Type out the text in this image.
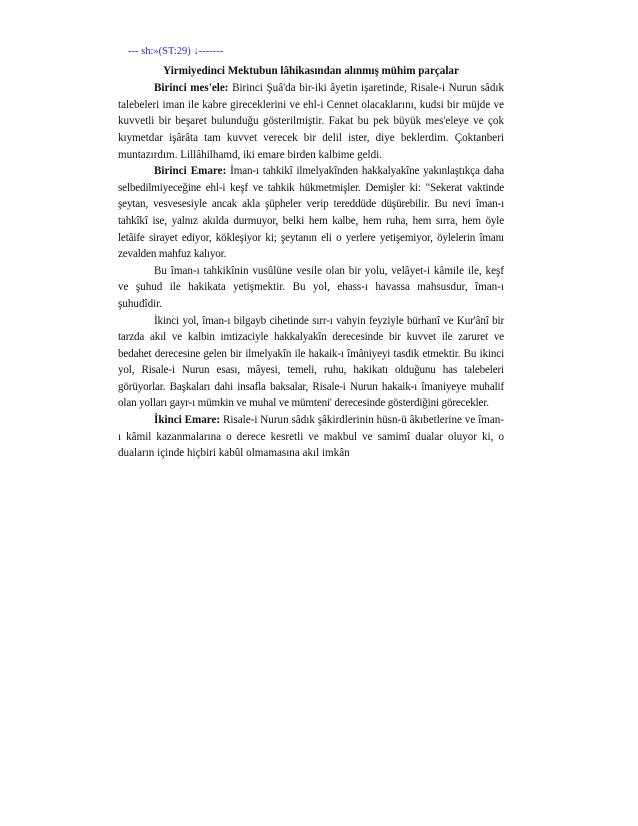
--- sh:»(ST:29) ↓-------
Yirmiyedinci Mektubun lâhikasından alınmış mühim parçalar

Birinci mes'ele: Birinci Şuâ'da bir-iki âyetin işaretinde, Risale-i Nurun sâdık talebeleri iman ile kabre gireceklerini ve ehl-i Cennet olacaklarını, kudsi bir müjde ve kuvvetli bir beşaret bulunduğu gösterilmiştir. Fakat bu pek büyük mes'eleye ve çok kıymetdar işârâta tam kuvvet verecek bir delil ister, diye beklerdim. Çoktanberi muntazırdım. Lillâhilhamd, iki emare birden kalbime geldi.

Birinci Emare: İman-ı tahkikî ilmelyakînden hakkalyakîne yakınlaştıkça daha selbedilmiyeceğine ehl-i keşf ve tahkik hükmetmişler. Demişler ki: "Sekerat vaktinde şeytan, vesvesesiyle ancak akla şüpheler verip tereddüde düşürebilir. Bu nevi îman-ı tahkîkî ise, yalnız akılda durmuyor, belki hem kalbe, hem ruha, hem sırra, hem öyle letâife sirayet ediyor, kökleşiyor ki; şeytanın eli o yerlere yetişemiyor, öylelerin îmanı zevalden mahfuz kalıyor.

Bu îman-ı tahkikînin vusûlüne vesile olan bir yolu, velâyet-i kâmile ile, keşf ve şuhud ile hakikata yetişmektir. Bu yol, ehass-ı havassa mahsusdur, îman-ı şuhudîdir.

İkinci yol, îman-ı bilgayb cihetinde sırr-ı vahyin feyziyle bürhanî ve Kur'ânî bir tarzda akıl ve kalbin imtizaciyle hakkalyakîn derecesinde bir kuvvet ile zaruret ve bedahet derecesine gelen bir ilmelyakîn ile hakaik-ı îmâniyeyi tasdik etmektir. Bu ikinci yol, Risale-i Nurun esası, mâyesi, temeli, ruhu, hakikatı olduğunu has talebeleri görüyorlar. Başkaları dahi insafla baksalar, Risale-i Nurun hakaik-ı îmaniyeye muhalif olan yolları gayr-ı mümkin ve muhal ve mümteni' derecesinde gösterdiğini görecekler.

İkinci Emare: Risale-i Nurun sâdık şâkirdlerinin hüsn-ü âkıbetlerine ve îman-ı kâmil kazanmalarına o derece kesretli ve makbul ve samimî dualar oluyor ki, o duaların içinde hiçbiri kabûl olmamasına akıl imkân
